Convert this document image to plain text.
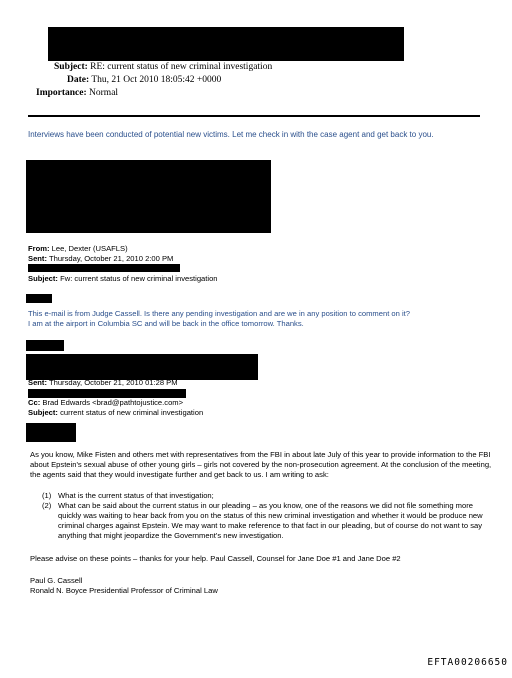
Subject: RE: current status of new criminal investigation
Date: Thu, 21 Oct 2010 18:05:42 +0000
Importance: Normal
Interviews have been conducted of potential new victims. Let me check in with the case agent and get back to you.
From: Lee, Dexter (USAFLS)
Sent: Thursday, October 21, 2010 2:00 PM
Subject: Fw: current status of new criminal investigation
This e-mail is from Judge Cassell. Is there any pending investigation and are we in any position to comment on it?
I am at the airport in Columbia SC and will be back in the office tomorrow. Thanks.
Sent: Thursday, October 21, 2010 01:28 PM
Cc: Brad Edwards <brad@pathtojustice.com>
Subject: current status of new criminal investigation
As you know, Mike Fisten and others met with representatives from the FBI in about late July of this year to provide information to the FBI about Epstein's sexual abuse of other young girls – girls not covered by the non-prosecution agreement. At the conclusion of the meeting, the agents said that they would investigate further and get back to us. I am writing to ask:
(1) What is the current status of that investigation;
(2) What can be said about the current status in our pleading – as you know, one of the reasons we did not file something more quickly was waiting to hear back from you on the status of this new criminal investigation and whether it would be produce new criminal charges against Epstein. We may want to make reference to that fact in our pleading, but of course do not want to say anything that might jeopardize the Government's new investigation.
Please advise on these points – thanks for your help. Paul Cassell, Counsel for Jane Doe #1 and Jane Doe #2
Paul G. Cassell
Ronald N. Boyce Presidential Professor of Criminal Law
EFTA00206650
